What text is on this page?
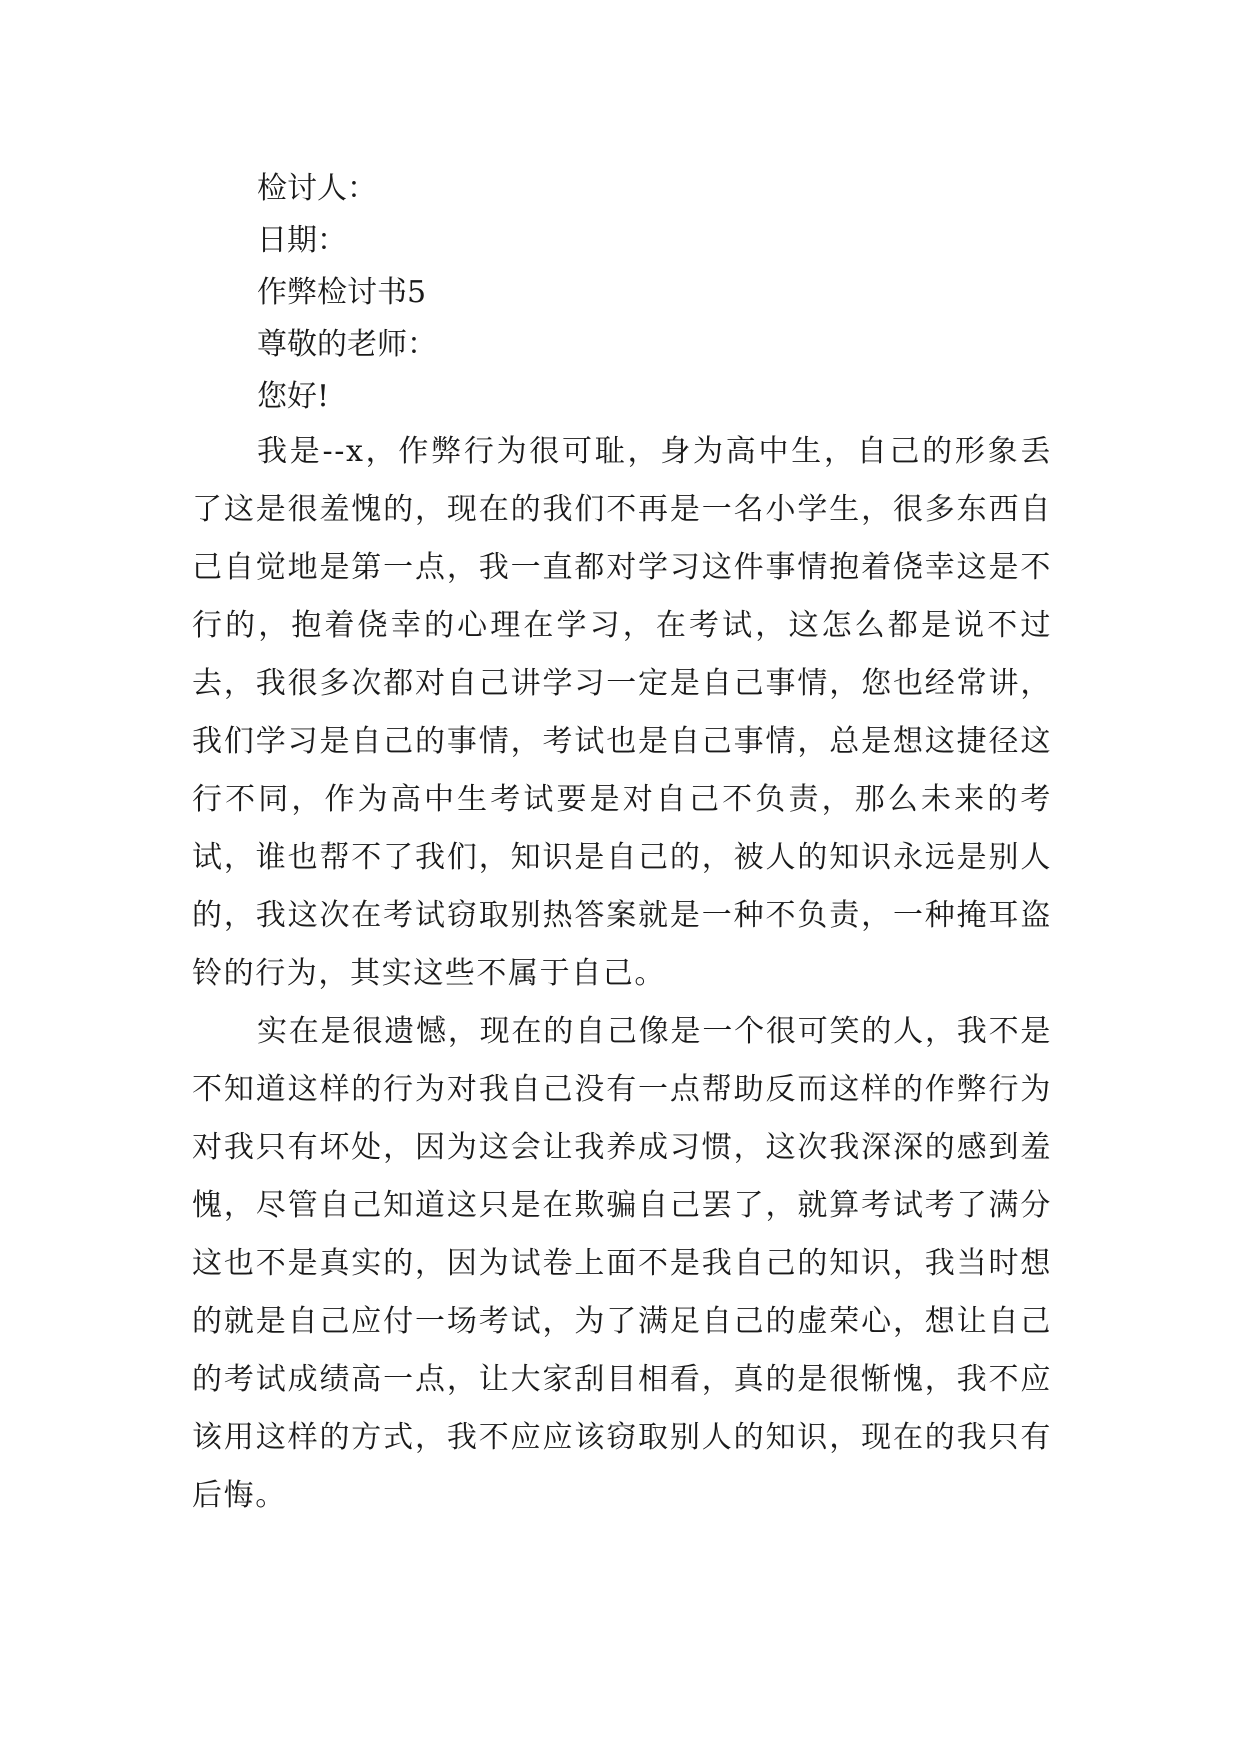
检讨人：

日期：

作弊检讨书5

尊敬的老师：

您好!

我是--x，作弊行为很可耻，身为高中生，自己的形象丢了这是很羞愧的，现在的我们不再是一名小学生，很多东西自己自觉地是第一点，我一直都对学习这件事情抱着侥幸这是不行的，抱着侥幸的心理在学习，在考试，这怎么都是说不过去，我很多次都对自己讲学习一定是自己事情，您也经常讲，我们学习是自己的事情，考试也是自己事情，总是想这捷径这行不同，作为高中生考试要是对自己不负责，那么未来的考试，谁也帮不了我们，知识是自己的，被人的知识永远是别人的，我这次在考试窃取别热答案就是一种不负责，一种掩耳盗铃的行为，其实这些不属于自己。

实在是很遗憾，现在的自己像是一个很可笑的人，我不是不知道这样的行为对我自己没有一点帮助反而这样的作弊行为对我只有坏处，因为这会让我养成习惯，这次我深深的感到羞愧，尽管自己知道这只是在欺骗自己罢了，就算考试考了满分这也不是真实的，因为试卷上面不是我自己的知识，我当时想的就是自己应付一场考试，为了满足自己的虚荣心，想让自己的考试成绩高一点，让大家刮目相看，真的是很惭愧，我不应该用这样的方式，我不应应该窃取别人的知识，现在的我只有后悔。
